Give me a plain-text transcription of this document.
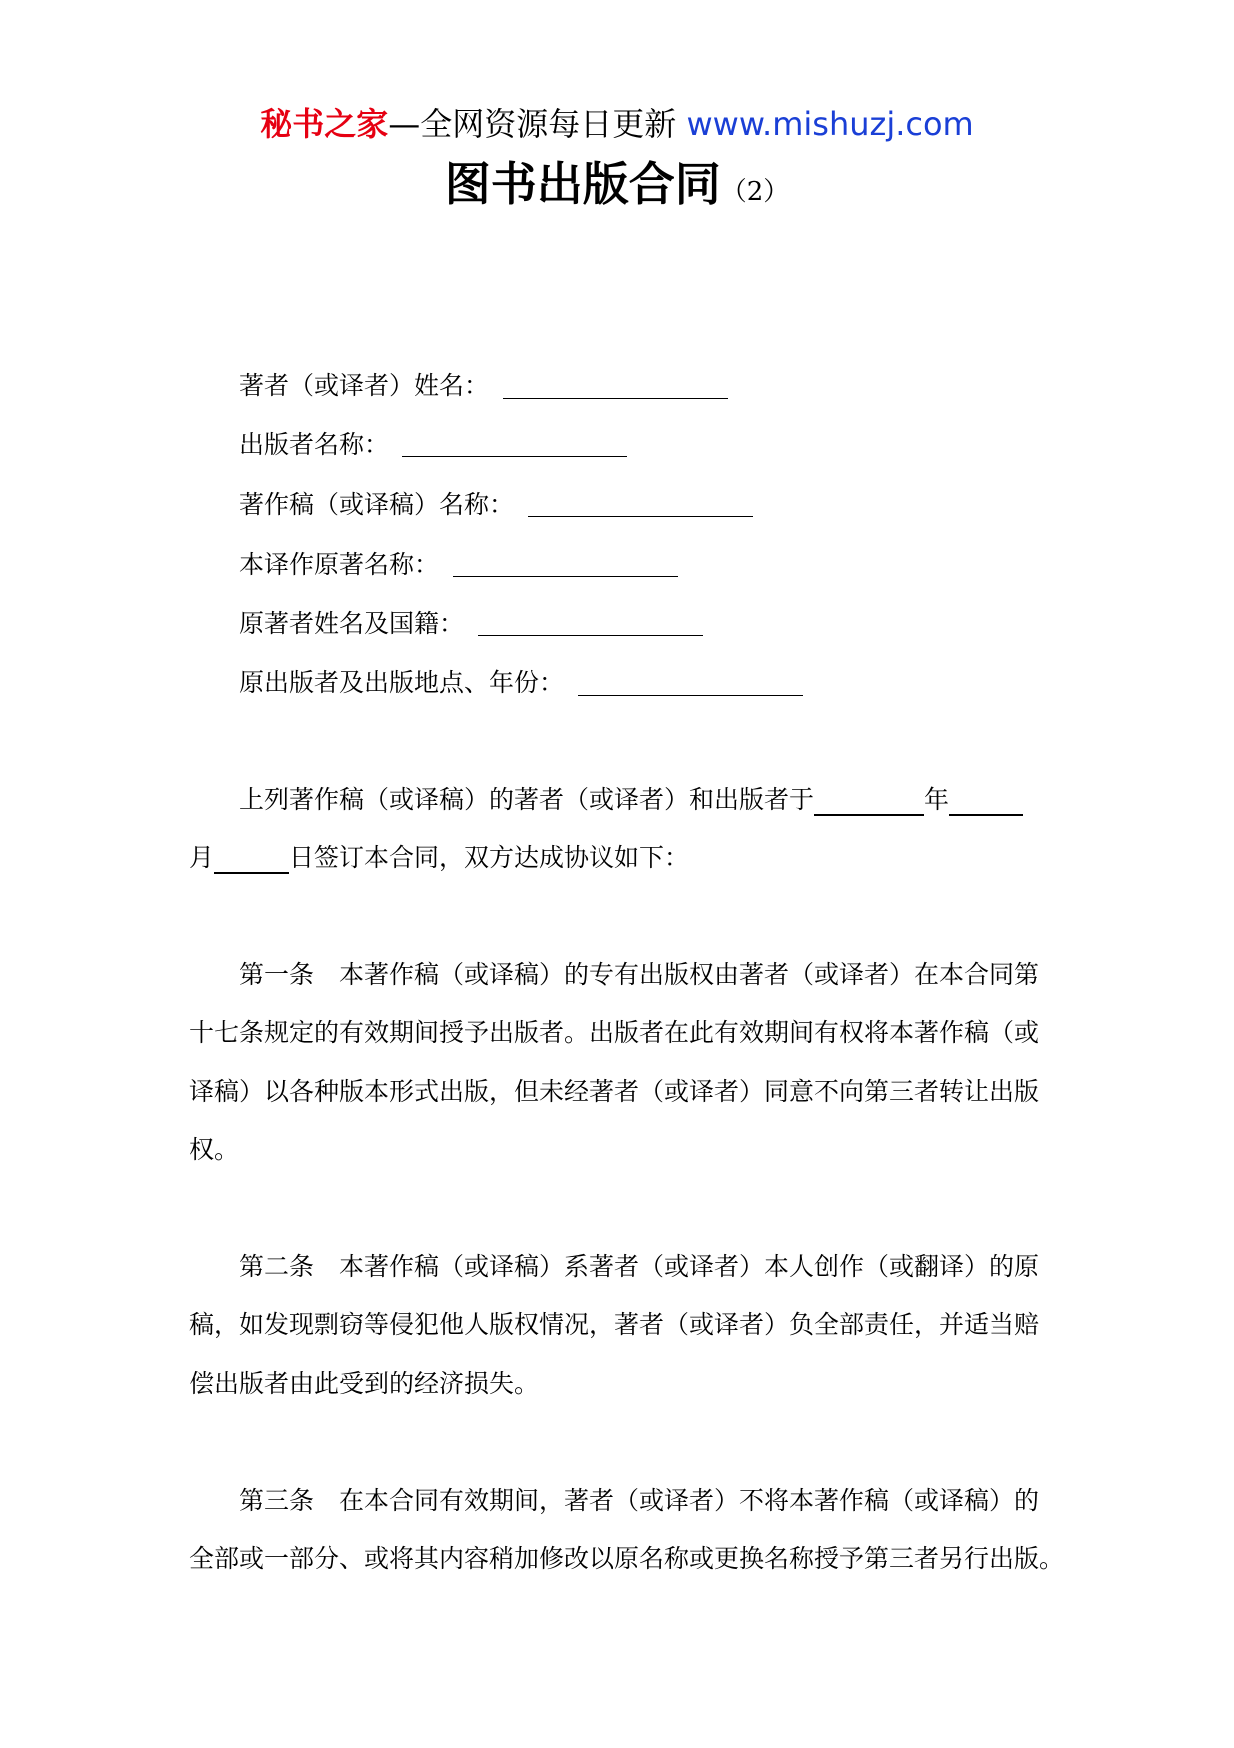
秘书之家—全网资源每日更新 www.mishuzj.com
图书出版合同（2）
著者（或译者）姓名：
出版者名称：
著作稿（或译稿）名称：
本译作原著名称：
原著者姓名及国籍：
原出版者及出版地点、年份：
上列著作稿（或译稿）的著者（或译者）和出版者于	年
月	日签订本合同，双方达成协议如下：
第一条　本著作稿（或译稿）的专有出版权由著者（或译者）在本合同第
十七条规定的有效期间授予出版者。出版者在此有效期间有权将本著作稿（或
译稿）以各种版本形式出版，但未经著者（或译者）同意不向第三者转让出版
权。
第二条　本著作稿（或译稿）系著者（或译者）本人创作（或翻译）的原
稿，如发现剽窃等侵犯他人版权情况，著者（或译者）负全部责任，并适当赔
偿出版者由此受到的经济损失。
第三条　在本合同有效期间，著者（或译者）不将本著作稿（或译稿）的
全部或一部分、或将其内容稍加修改以原名称或更换名称授予第三者另行出版。
